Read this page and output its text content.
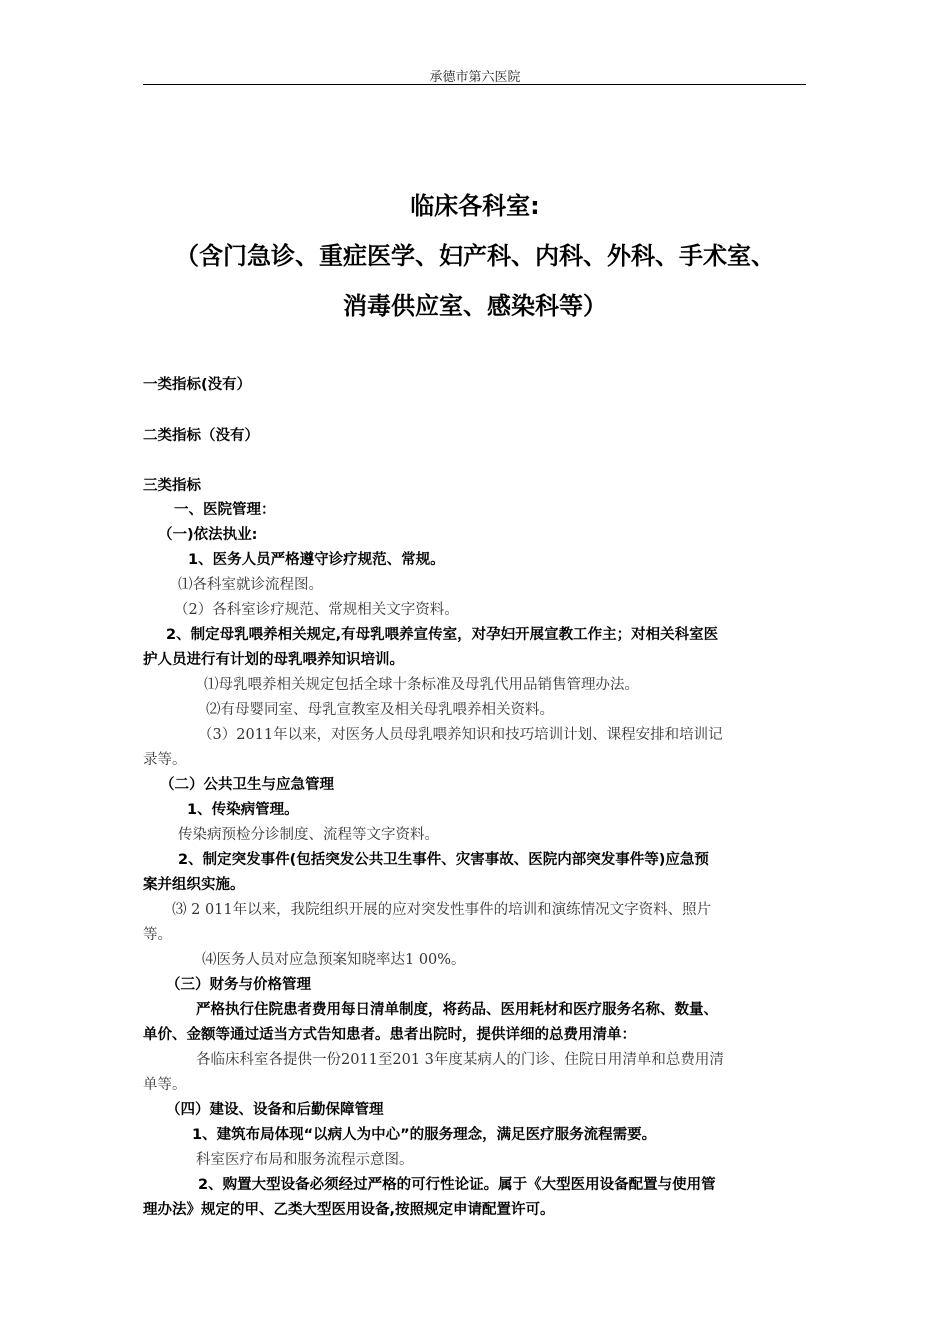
承德市第六医院
临床各科室:
（含门急诊、重症医学、妇产科、内科、外科、手术室、
消毒供应室、感染科等）
一类指标(没有）
二类指标（没有）
三类指标
一、医院管理：
（一)依法执业:
1、医务人员严格遵守诊疗规范、常规。
⑴各科室就诊流程图。
（2）各科室诊疗规范、常规相关文字资料。
2、制定母乳喂养相关规定,有母乳喂养宣传室，对孕妇开展宣教工作主；对相关科室医
护人员进行有计划的母乳喂养知识培训。
⑴母乳喂养相关规定包括全球十条标准及母乳代用品销售管理办法。
⑵有母婴同室、母乳宣教室及相关母乳喂养相关资料。
（3）2011年以来，对医务人员母乳喂养知识和技巧培训计划、课程安排和培训记
录等。
（二）公共卫生与应急管理
1、传染病管理。
传染病预检分诊制度、流程等文字资料。
2、制定突发事件(包括突发公共卫生事件、灾害事故、医院内部突发事件等)应急预
案并组织实施。
⑶ 2 011年以来，我院组织开展的应对突发性事件的培训和演练情况文字资料、照片
等。
⑷医务人员对应急预案知晓率达1 00%。
（三）财务与价格管理
严格执行住院患者费用每日清单制度，将药品、医用耗材和医疗服务名称、数量、
单价、金额等通过适当方式告知患者。患者出院时，提供详细的总费用清单：
各临床科室各提供一份2011至201 3年度某病人的门诊、住院日用清单和总费用清
单等。
（四）建设、设备和后勤保障管理
1、建筑布局体现“以病人为中心”的服务理念，满足医疗服务流程需要。
科室医疗布局和服务流程示意图。
2、购置大型设备必须经过严格的可行性论证。属于《大型医用设备配置与使用管
理办法》规定的甲、乙类大型医用设备,按照规定申请配置许可。
